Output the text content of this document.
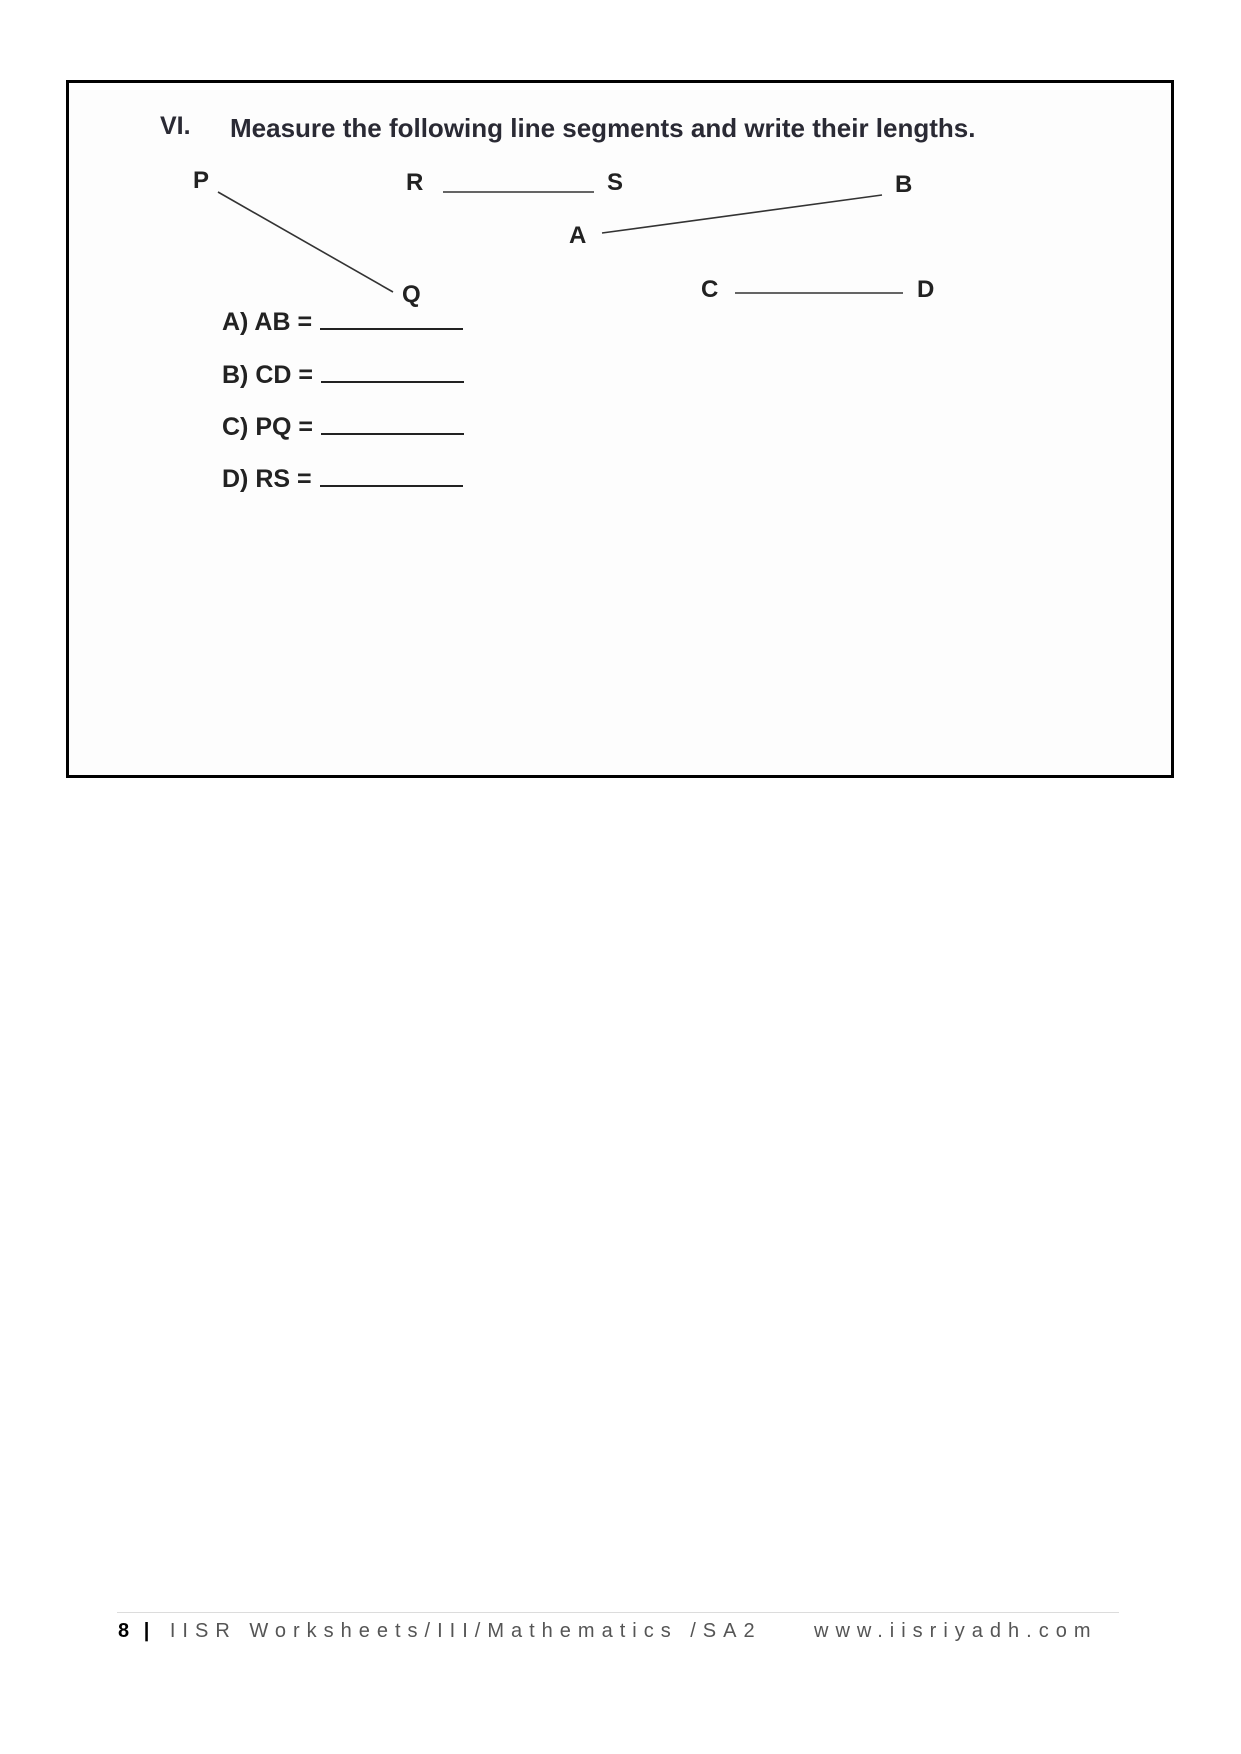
VI. Measure the following line segments and write their lengths.
P
Q
R	S
A
B
C	D
A) AB =
B) CD =
C) PQ =
D) RS =
8 | IISR Worksheets/III/Mathematics /SA2	www.iisriyadh.com
